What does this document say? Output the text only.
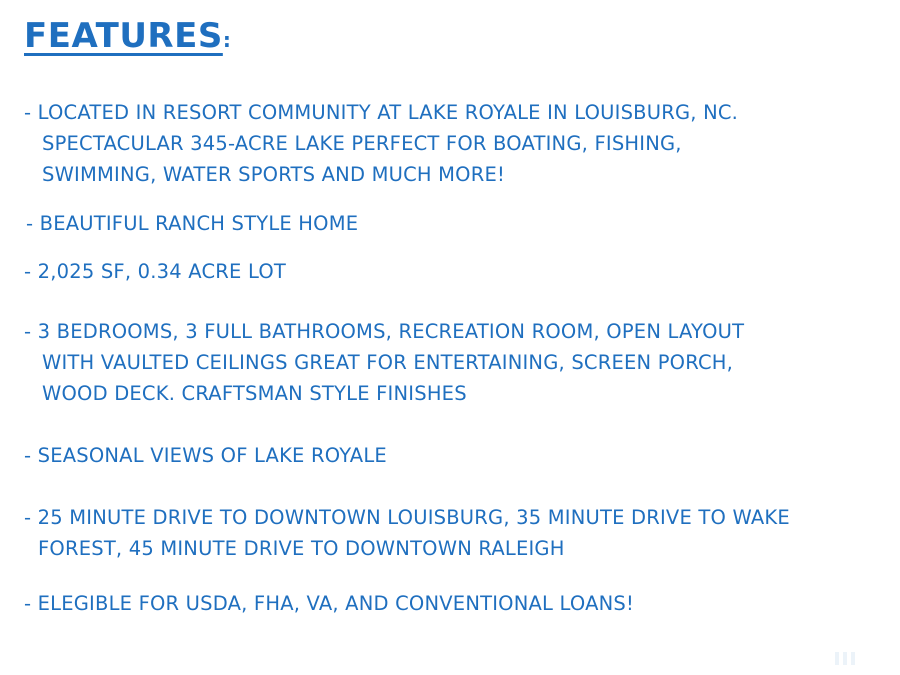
FEATURES:
- LOCATED IN RESORT COMMUNITY AT LAKE ROYALE IN LOUISBURG, NC.
SPECTACULAR 345-ACRE LAKE PERFECT FOR BOATING, FISHING,
SWIMMING, WATER SPORTS AND MUCH MORE!
- BEAUTIFUL RANCH STYLE HOME
- 2,025 SF, 0.34 ACRE LOT
- 3 BEDROOMS, 3 FULL BATHROOMS, RECREATION ROOM, OPEN LAYOUT
WITH VAULTED CEILINGS GREAT FOR ENTERTAINING, SCREEN PORCH,
WOOD DECK. CRAFTSMAN STYLE FINISHES
- SEASONAL VIEWS OF LAKE ROYALE
- 25 MINUTE DRIVE TO DOWNTOWN LOUISBURG, 35 MINUTE DRIVE TO WAKE
FOREST, 45 MINUTE DRIVE TO DOWNTOWN RALEIGH
- ELEGIBLE FOR USDA, FHA, VA, AND CONVENTIONAL LOANS!
